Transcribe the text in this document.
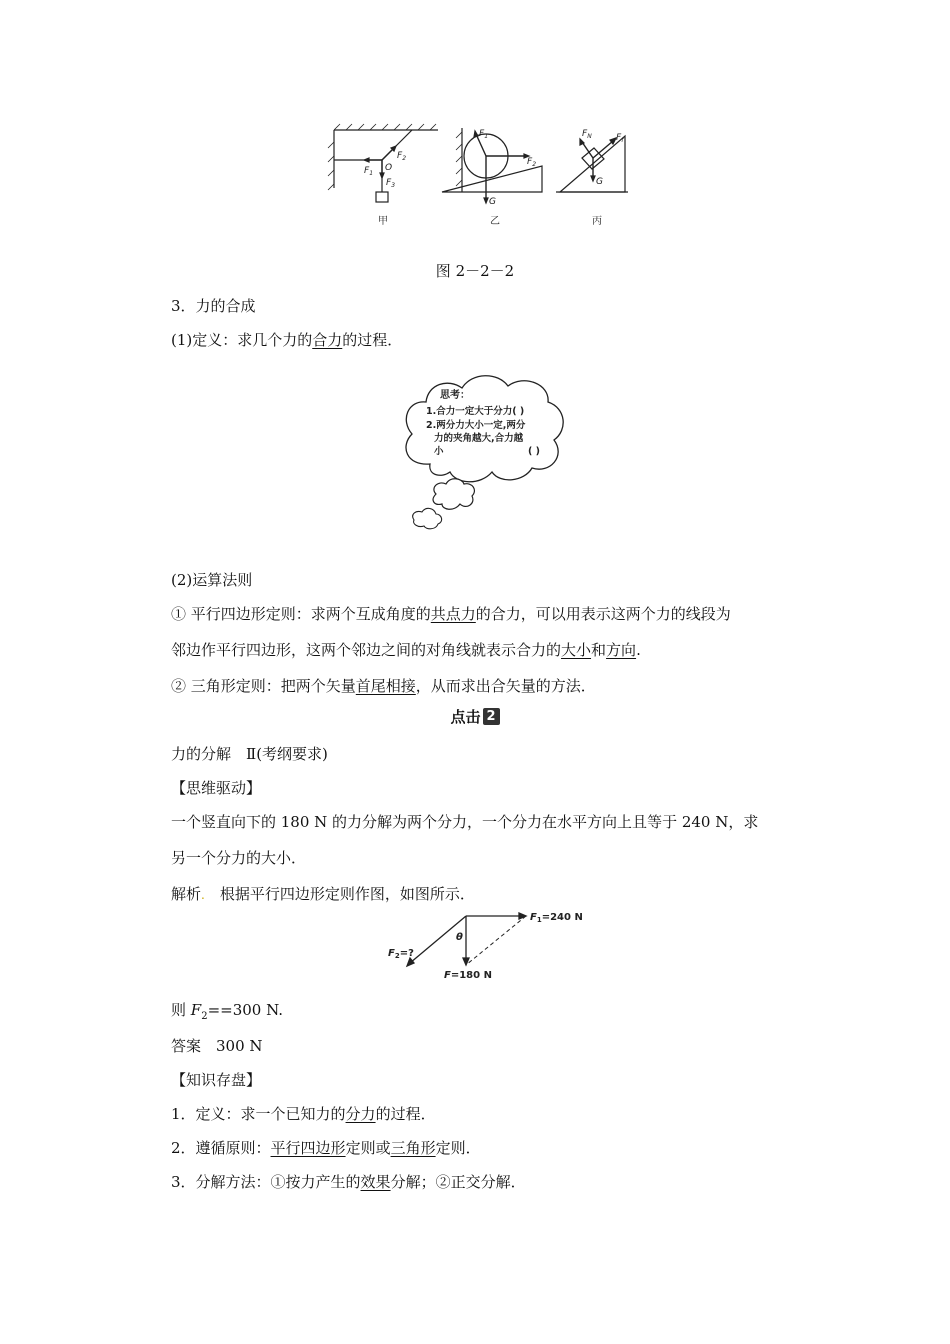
$F_1$
$F_2$
O
$F_3$
甲
$F_1$
$F_2$
G
乙
$F_N$	$F_f$
G
丙
图 2－2－2
3．力的合成
(1)定义：求几个力的合力的过程．
思考：
1.合力一定大于分力( )
2.两分力大小一定,两分
力的夹角越大,合力越
小	( )
(2)运算法则
① 平行四边形定则：求两个互成角度的共点力的合力，可以用表示这两个力的线段为
邻边作平行四边形，这两个邻边之间的对角线就表示合力的大小和方向.
② 三角形定则：把两个矢量首尾相接，从而求出合矢量的方法．
点击 2
力的分解　Ⅱ(考纲要求)
【思维驱动】
一个竖直向下的 180 N 的力分解为两个分力，一个分力在水平方向上且等于 240 N，求
另一个分力的大小．
解析.　 根据平行四边形定则作图，如图所示．
$F_1=240$ N
θ
$F_2=$?
F=180 N
则 $F_2==300$ N.
答案　300 N
【知识存盘】
1．定义：求一个已知力的分力的过程．
2．遵循原则：平行四边形定则或三角形定则．
3．分解方法：①按力产生的效果分解；②正交分解．
